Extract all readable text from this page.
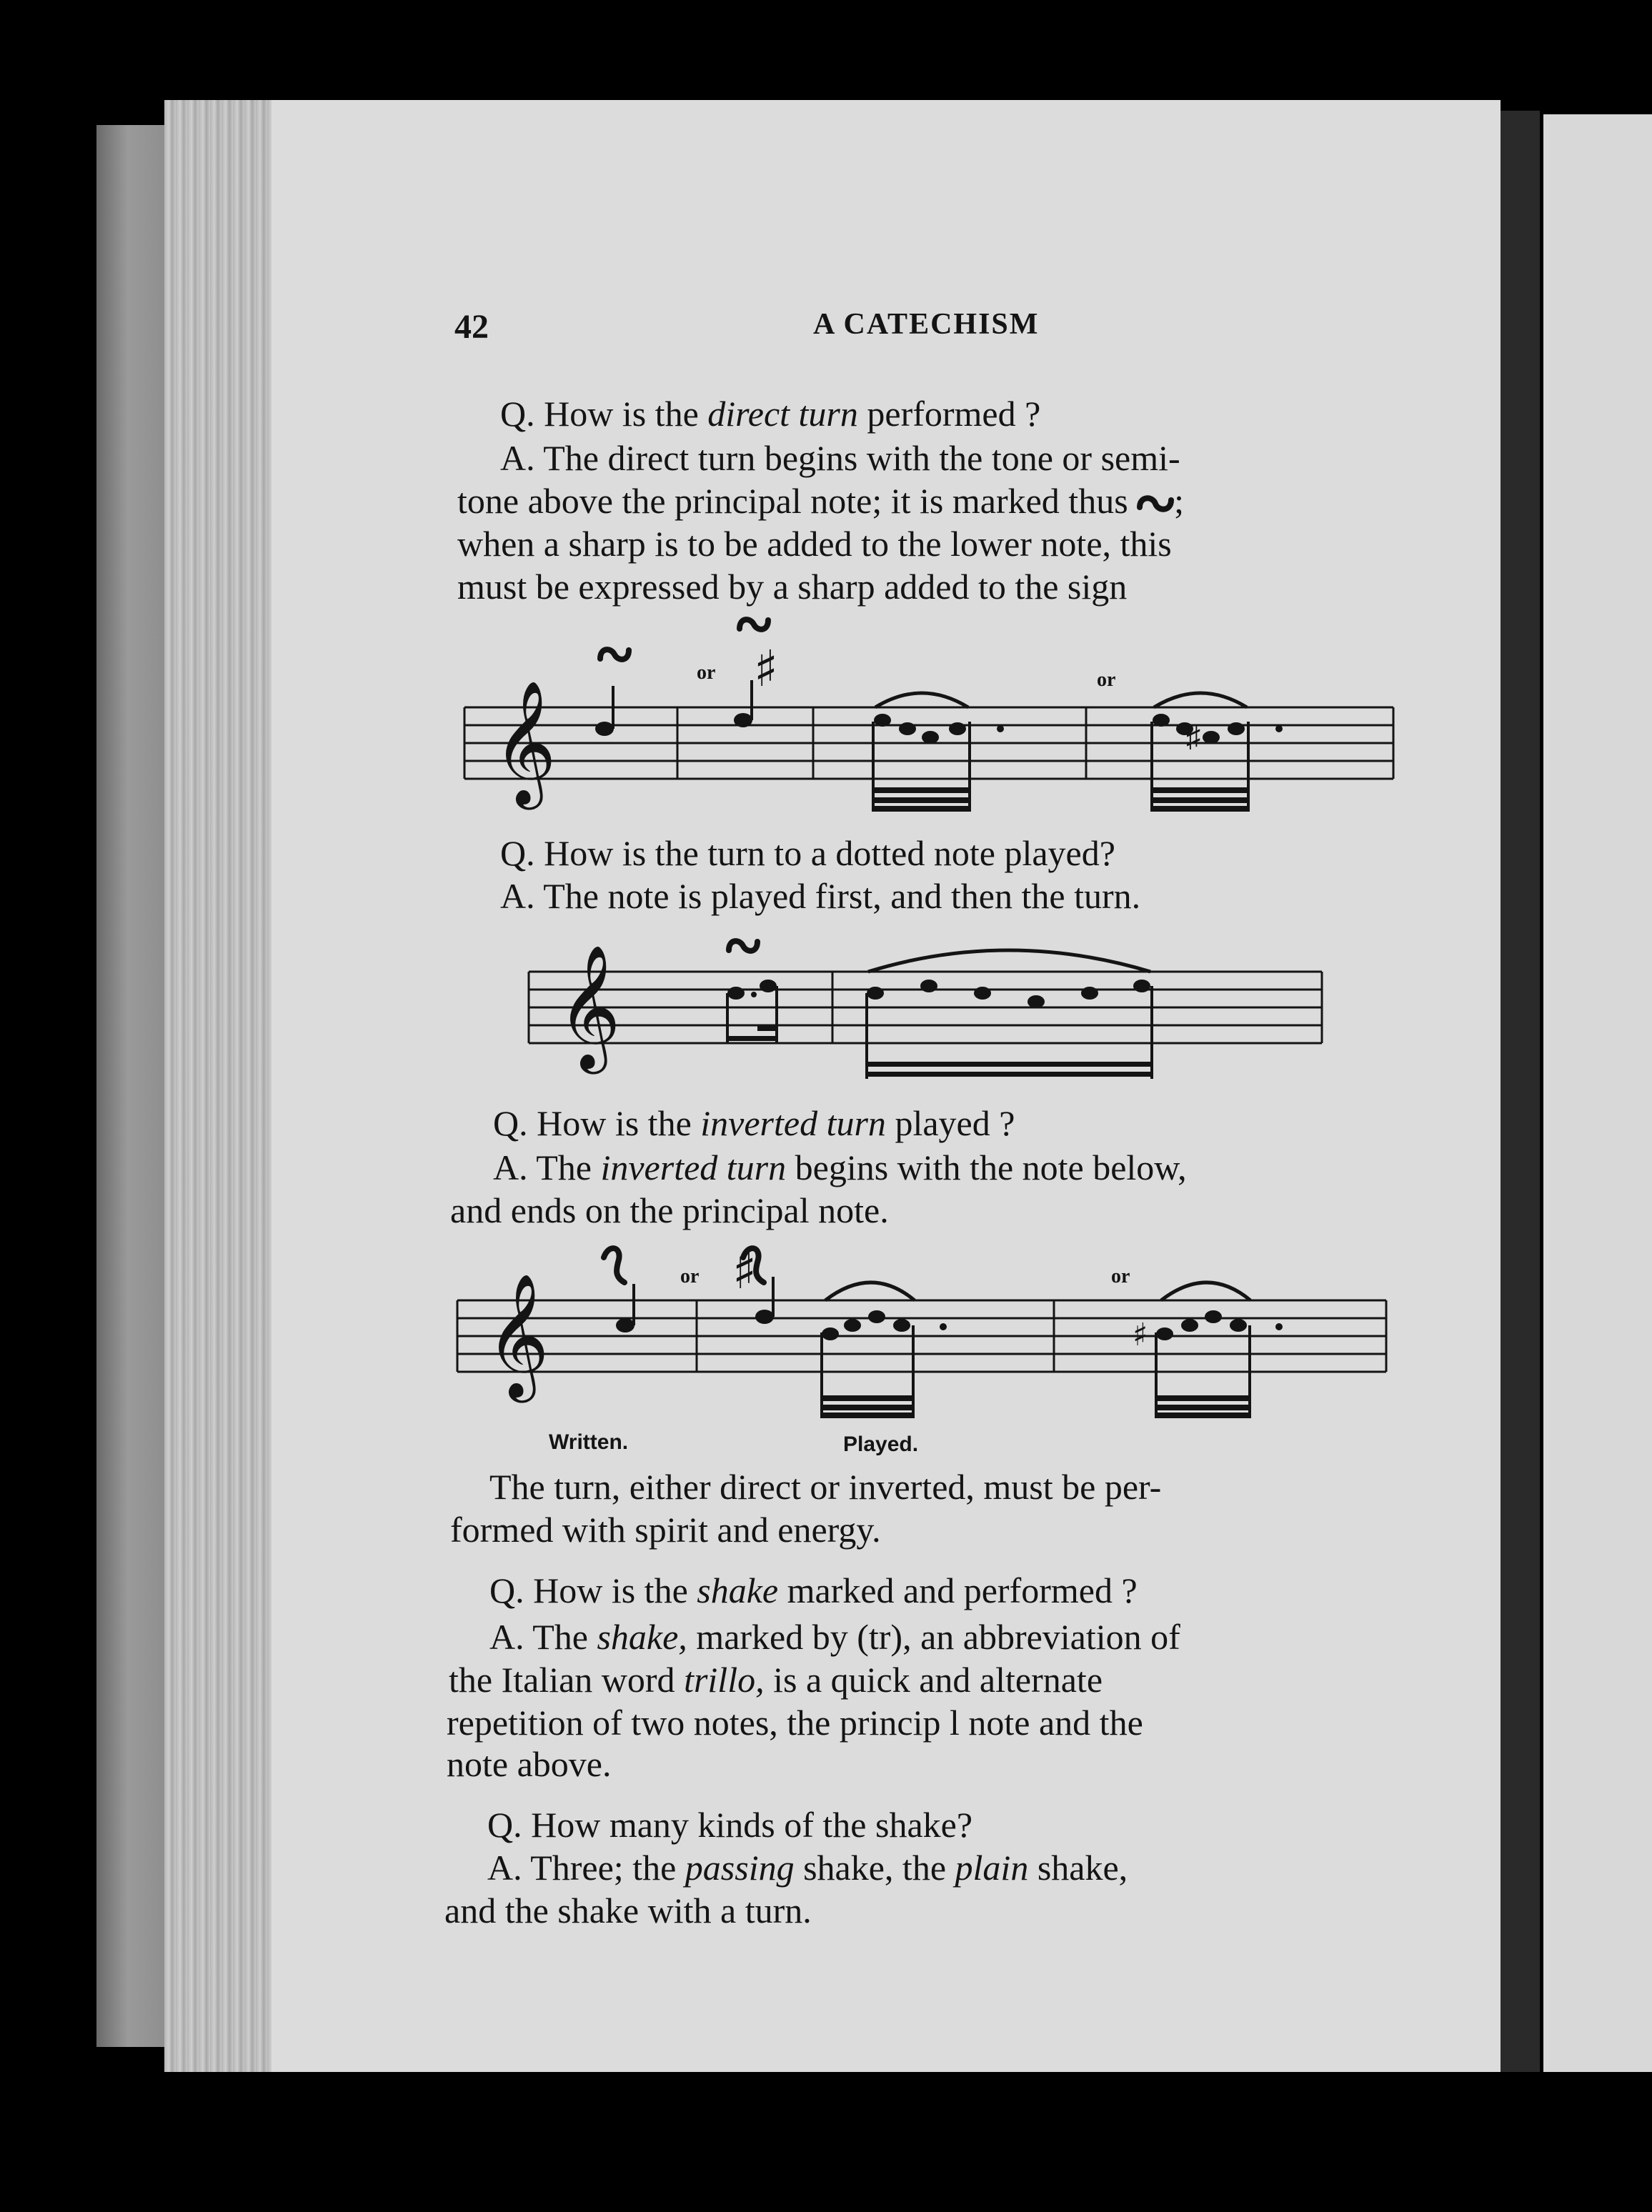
42	A CATECHISM
Q. How is the direct turn performed ?
A. The direct turn begins with the tone or semi-
tone above the principal note; it is marked thus ;
when a sharp is to be added to the lower note, this
must be expressed by a sharp added to the sign
𝄞	♯
♯
or	or
Q. How is the turn to a dotted note played?
A. The note is played first, and then the turn.
𝄞
Q. How is the inverted turn played ?
A. The inverted turn begins with the note below,
and ends on the principal note.
𝄞	♯
♯
or	or
Written.	Played.
The turn, either direct or inverted, must be per-
formed with spirit and energy.
Q. How is the shake marked and performed ?
A. The shake, marked by (tr), an abbreviation of
the Italian word trillo, is a quick and alternate
repetition of two notes, the princip l note and the
note above.
Q. How many kinds of the shake?
A. Three; the passing shake, the plain shake,
and the shake with a turn.
